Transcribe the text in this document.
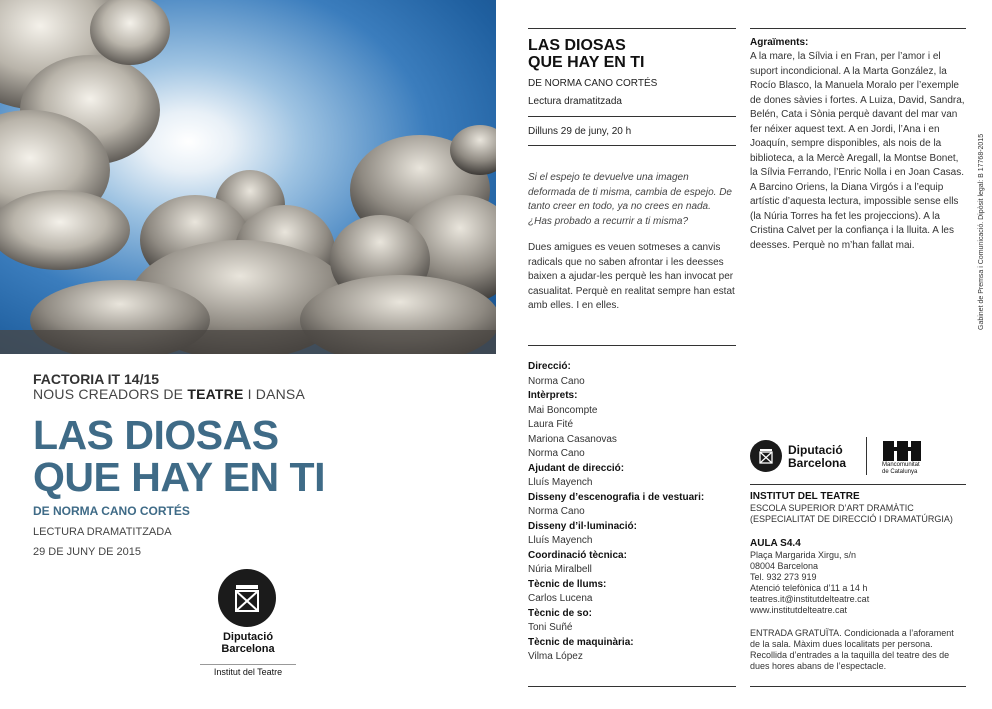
FACTORIA IT 14/15
NOUS CREADORS DE TEATRE I DANSA
LAS DIOSAS
QUE HAY EN TI
DE NORMA CANO CORTÉS
LECTURA DRAMATITZADA
29 DE JUNY DE 2015
Diputació
Barcelona
Institut del Teatre
LAS DIOSAS
QUE HAY EN TI
DE NORMA CANO CORTÉS
Lectura dramatitzada
Dilluns 29 de juny, 20 h
Si el espejo te devuelve una imagen deformada de ti misma, cambia de espejo. De tanto creer en todo, ya no crees en nada. ¿Has probado a recurrir a ti misma?
Dues amigues es veuen sotmeses a canvis radicals que no saben afrontar i les deesses baixen a ajudar-les perquè les han invocat per casualitat. Perquè en realitat sempre han estat amb elles. I en elles.
Direcció:
Norma Cano
Intèrprets:
Mai Boncompte
Laura Fité
Mariona Casanovas
Norma Cano
Ajudant de direcció:
Lluís Mayench
Disseny d’escenografia i de vestuari:
Norma Cano
Disseny d’il·luminació:
Lluís Mayench
Coordinació tècnica:
Núria Miralbell
Tècnic de llums:
Carlos Lucena
Tècnic de so:
Toni Suñé
Tècnic de maquinària:
Vilma López
Agraïments:
A la mare, la Sílvia i en Fran, per l’amor i el suport incondicional. A la Marta González, la Rocío Blasco, la Manuela Moralo per l’exemple de dones sàvies i fortes. A Luiza, David, Sandra, Belén, Cata i Sònia perquè davant del mar van fer néixer aquest text. A en Jordi, l’Ana i en Joaquín, sempre disponibles, als nois de la biblioteca, a la Mercè Aregall, la Montse Bonet, la Sílvia Ferrando, l’Enric Nolla i en Joan Casas. A Barcino Oriens, la Diana Virgós i a l’equip artístic d’aquesta lectura, impossible sense ells (la Núria Torres ha fet les projeccions). A la Cristina Calvet per la confiança i la lluita. A les deesses. Perquè no m’han fallat mai.
Diputació
Barcelona	Mancomunitat
de Catalunya
INSTITUT DEL TEATRE
ESCOLA SUPERIOR D’ART DRAMÀTIC
(ESPECIALITAT DE DIRECCIÓ I DRAMATÚRGIA)
AULA S4.4
Plaça Margarida Xirgu, s/n
08004 Barcelona
Tel. 932 273 919
Atenció telefònica d’11 a 14 h
teatres.it@institutdelteatre.cat
www.institutdelteatre.cat
ENTRADA GRATUÏTA. Condicionada a l’aforament de la sala. Màxim dues localitats per persona. Recollida d’entrades a la taquilla del teatre des de dues hores abans de l’espectacle.
Gabinet de Premsa i Comunicació. Dipòsit legal: B 17768-2015
